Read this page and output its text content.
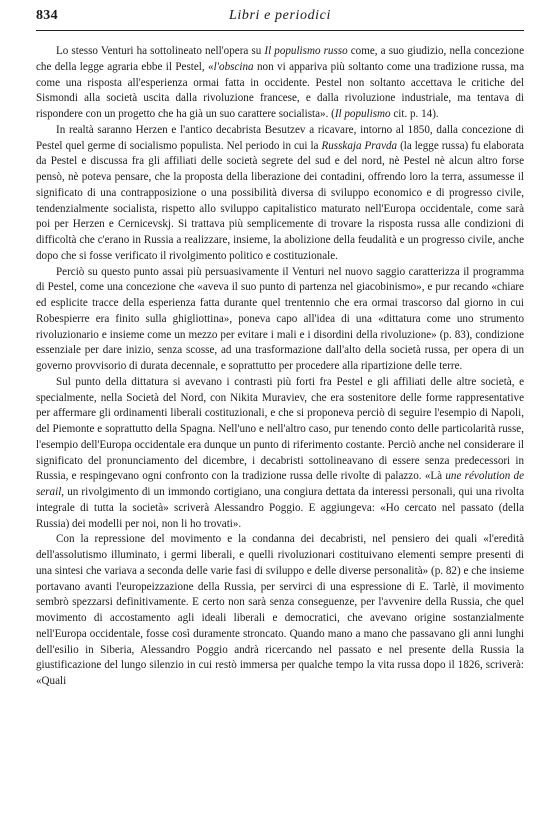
834	Libri e periodici

Lo stesso Venturi ha sottolineato nell'opera su Il populismo russo come, a suo giudizio, nella concezione che della legge agraria ebbe il Pestel, «l'obscina non vi appariva più soltanto come una tradizione russa, ma come una risposta all'esperienza ormai fatta in occidente. Pestel non soltanto accettava le critiche del Sismondi alla società uscita dalla rivoluzione francese, e dalla rivoluzione industriale, ma tentava di rispondere con un progetto che ha già un suo carattere socialista». (Il populismo cit. p. 14).

In realtà saranno Herzen e l'antico decabrista Besutzev a ricavare, intorno al 1850, dalla concezione di Pestel quel germe di socialismo populista. Nel periodo in cui la Russkaja Pravda (la legge russa) fu elaborata da Pestel e discussa fra gli affiliati delle società segrete del sud e del nord, nè Pestel nè alcun altro forse pensò, nè poteva pensare, che la proposta della liberazione dei contadini, offrendo loro la terra, assumesse il significato di una contrapposizione o una possibilità diversa di sviluppo economico e di progresso civile, tendenzialmente socialista, rispetto allo sviluppo capitalistico maturato nell'Europa occidentale, come sarà poi per Herzen e Cernicevskj. Si trattava più semplicemente di trovare la risposta russa alle condizioni di difficoltà che c'erano in Russia a realizzare, insieme, la abolizione della feudalità e un progresso civile, anche dopo che si fosse verificato il rivolgimento politico e costituzionale.

Perciò su questo punto assai più persuasivamente il Venturi nel nuovo saggio caratterizza il programma di Pestel, come una concezione che «aveva il suo punto di partenza nel giacobinismo», e pur recando «chiare ed esplicite tracce della esperienza fatta durante quel trentennio che era ormai trascorso dal giorno in cui Robespierre era finito sulla ghigliottina», poneva capo all'idea di una «dittatura come uno strumento rivoluzionario e insieme come un mezzo per evitare i mali e i disordini della rivoluzione» (p. 83), condizione essenziale per dare inizio, senza scosse, ad una trasformazione dall'alto della società russa, per opera di un governo provvisorio di durata decennale, e soprattutto per procedere alla ripartizione delle terre.

Sul punto della dittatura si avevano i contrasti più forti fra Pestel e gli affiliati delle altre società, e specialmente, nella Società del Nord, con Nikita Muraviev, che era sostenitore delle forme rappresentative per affermare gli ordinamenti liberali costituzionali, e che si proponeva perciò di seguire l'esempio di Napoli, del Piemonte e soprattutto della Spagna. Nell'uno e nell'altro caso, pur tenendo conto delle particolarità russe, l'esempio dell'Europa occidentale era dunque un punto di riferimento costante. Perciò anche nel considerare il significato del pronunciamento del dicembre, i decabristi sottolineavano di essere senza predecessori in Russia, e respingevano ogni confronto con la tradizione russa delle rivolte di palazzo. «Là une révolution de serail, un rivolgimento di un immondo cortigiano, una congiura dettata da interessi personali, qui una rivolta integrale di tutta la società» scriverà Alessandro Poggio. E aggiungeva: «Ho cercato nel passato (della Russia) dei modelli per noi, non li ho trovati».

Con la repressione del movimento e la condanna dei decabristi, nel pensiero dei quali «l'eredità dell'assolutismo illuminato, i germi liberali, e quelli rivoluzionari costituivano elementi sempre presenti di una sintesi che variava a seconda delle varie fasi di sviluppo e delle diverse personalità» (p. 82) e che insieme portavano avanti l'europeizzazione della Russia, per servirci di una espressione di E. Tarlè, il movimento sembrò spezzarsi definitivamente. E certo non sarà senza conseguenze, per l'avvenire della Russia, che quel movimento di accostamento agli ideali liberali e democratici, che avevano origine sostanzialmente nell'Europa occidentale, fosse così duramente stroncato. Quando mano a mano che passavano gli anni lunghi dell'esilio in Siberia, Alessandro Poggio andrà ricercando nel passato e nel presente della Russia la giustificazione del lungo silenzio in cui restò immersa per qualche tempo la vita russa dopo il 1826, scriverà: «Quali
